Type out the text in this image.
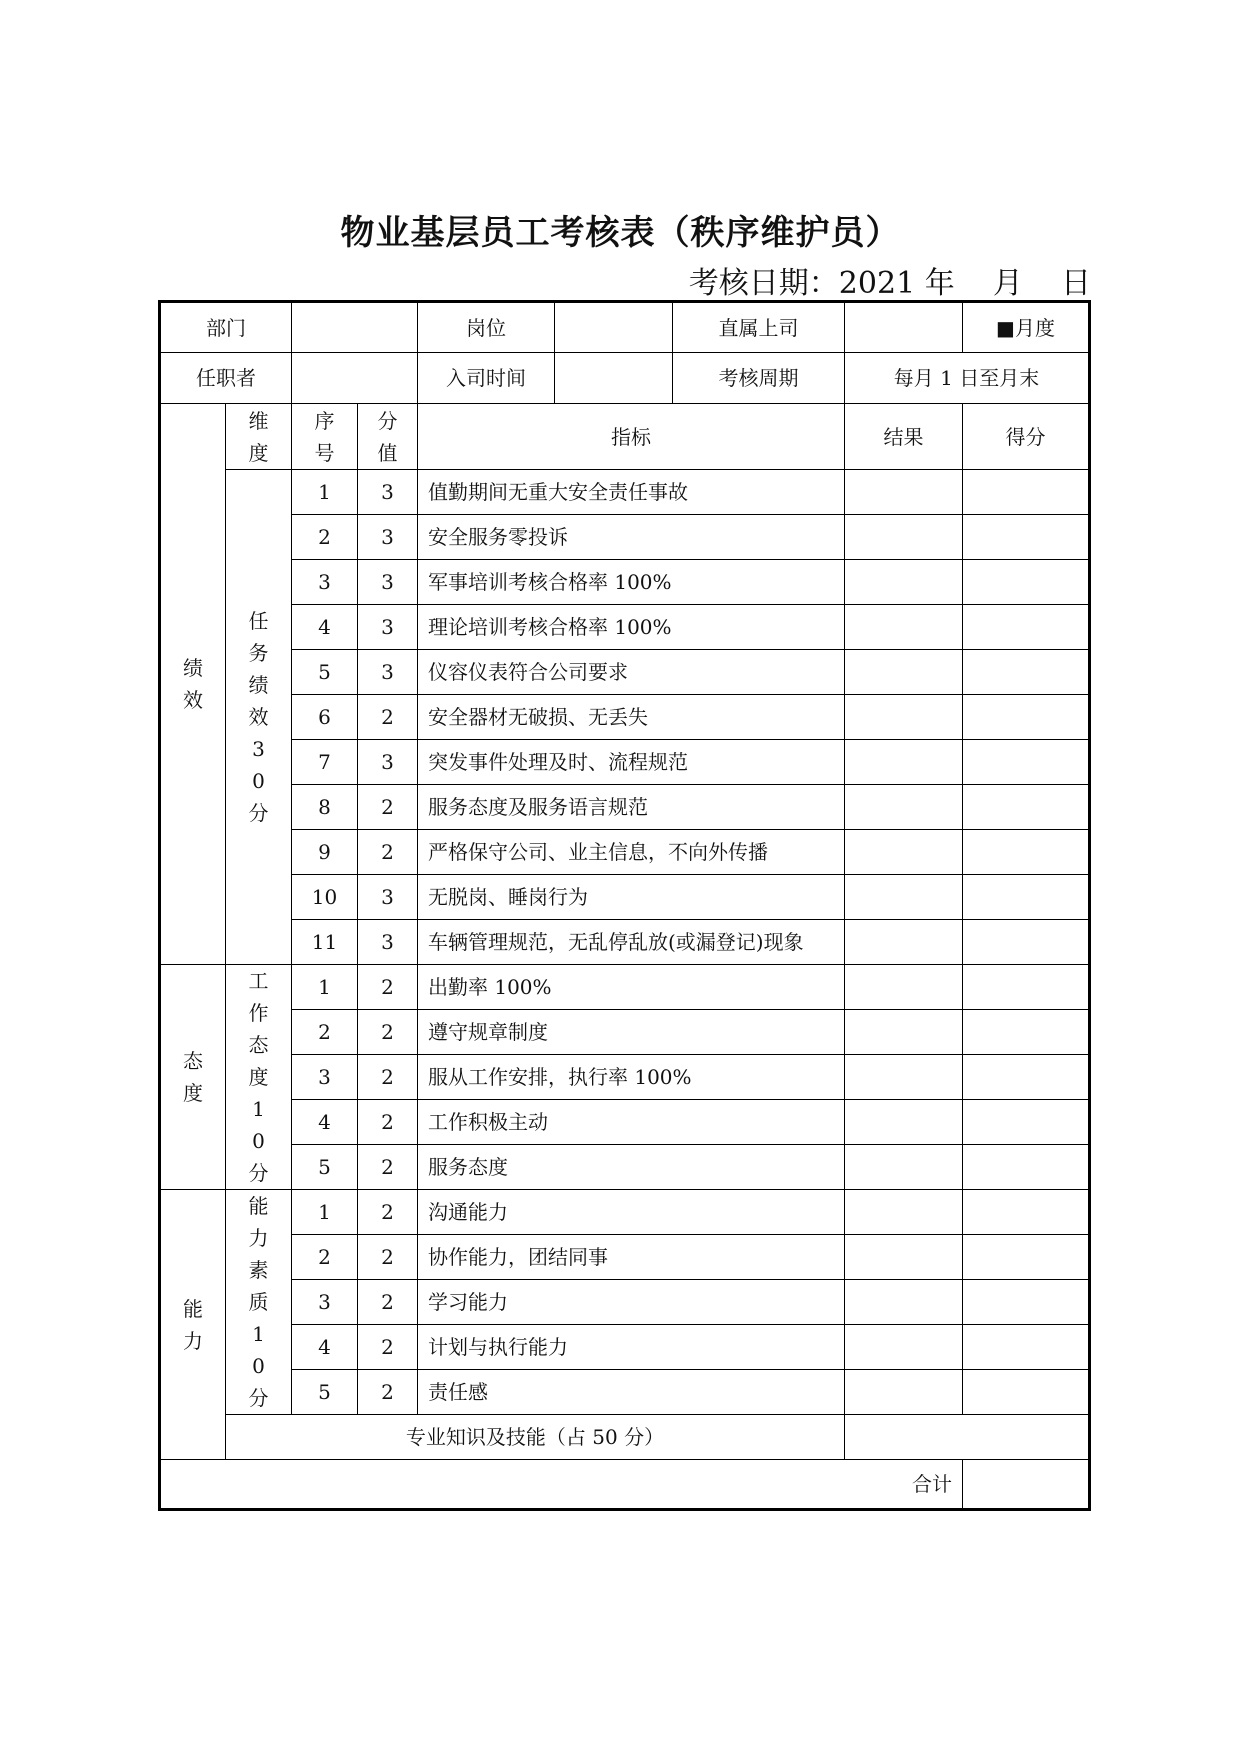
物业基层员工考核表（秩序维护员）
考核日期：2021 年    月    日
部门				岗位		直属上司		■月度
任职者				入司时间		考核周期	每月 1 日至月末	
绩效	维度	序号	分值	指标			结果	得分
	任务绩效30分	1	3	值勤期间无重大安全责任事故				
		2	3	安全服务零投诉				
		3	3	军事培训考核合格率 100%				
		4	3	理论培训考核合格率 100%				
		5	3	仪容仪表符合公司要求				
		6	2	安全器材无破损、无丢失				
		7	3	突发事件处理及时、流程规范				
		8	2	服务态度及服务语言规范				
		9	2	严格保守公司、业主信息，不向外传播				
		10	3	无脱岗、睡岗行为				
		11	3	车辆管理规范，无乱停乱放(或漏登记)现象				
态度	工作态度10分	1	2	出勤率 100%				
		2	2	遵守规章制度				
		3	2	服从工作安排，执行率 100%				
		4	2	工作积极主动				
		5	2	服务态度				
能力	能力素质10分	1	2	沟通能力				
		2	2	协作能力，团结同事				
		3	2	学习能力				
		4	2	计划与执行能力				
		5	2	责任感				
	专业知识及技能（占 50 分）							
合计								
